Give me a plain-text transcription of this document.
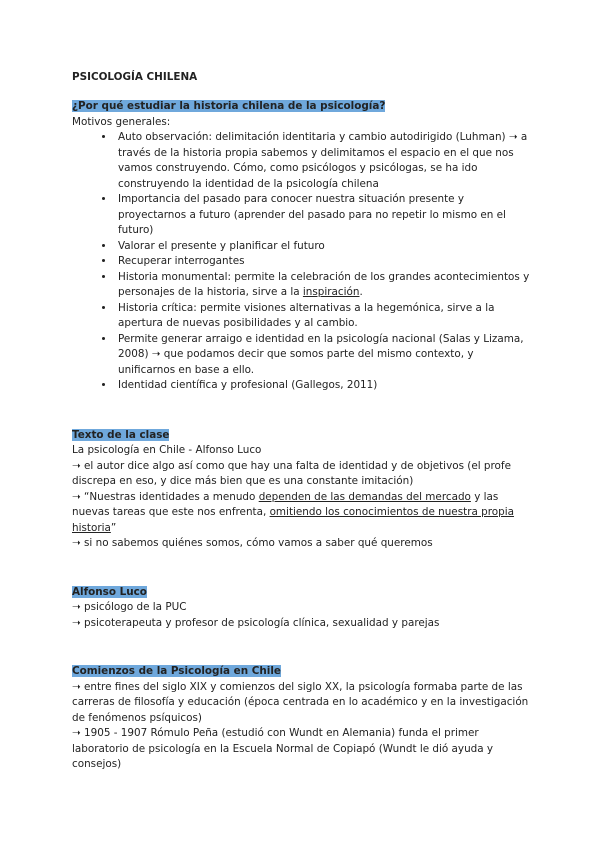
PSICOLOGÍA CHILENA
¿Por qué estudiar la historia chilena de la psicología?

Motivos generales:

• Auto observación: delimitación identitaria y cambio autodirigido (Luhman) ➝ a través de la historia propia sabemos y delimitamos el espacio en el que nos vamos construyendo. Cómo, como psicólogos y psicólogas, se ha ido construyendo la identidad de la psicología chilena
• Importancia del pasado para conocer nuestra situación presente y proyectarnos a futuro (aprender del pasado para no repetir lo mismo en el futuro)
• Valorar el presente y planificar el futuro
• Recuperar interrogantes
• Historia monumental: permite la celebración de los grandes acontecimientos y personajes de la historia, sirve a la inspiración.
• Historia crítica: permite visiones alternativas a la hegemónica, sirve a la apertura de nuevas posibilidades y al cambio.
• Permite generar arraigo e identidad en la psicología nacional (Salas y Lizama, 2008) ➝ que podamos decir que somos parte del mismo contexto, y unificarnos en base a ello.
• Identidad científica y profesional (Gallegos, 2011)
Texto de la clase

La psicología en Chile - Alfonso Luco

➝ el autor dice algo así como que hay una falta de identidad y de objetivos (el profe discrepa en eso, y dice más bien que es una constante imitación)

➝ “Nuestras identidades a menudo dependen de las demandas del mercado y las nuevas tareas que este nos enfrenta, omitiendo los conocimientos de nuestra propia historia”

➝ si no sabemos quiénes somos, cómo vamos a saber qué queremos

Alfonso Luco

➝ psicólogo de la PUC

➝ psicoterapeuta y profesor de psicología clínica, sexualidad y parejas

Comienzos de la Psicología en Chile

➝ entre fines del siglo XIX y comienzos del siglo XX, la psicología formaba parte de las carreras de filosofía y educación (época centrada en lo académico y en la investigación de fenómenos psíquicos)

➝ 1905 - 1907 Rómulo Peña (estudió con Wundt en Alemania) funda el primer laboratorio de psicología en la Escuela Normal de Copiapó (Wundt le dió ayuda y consejos)
